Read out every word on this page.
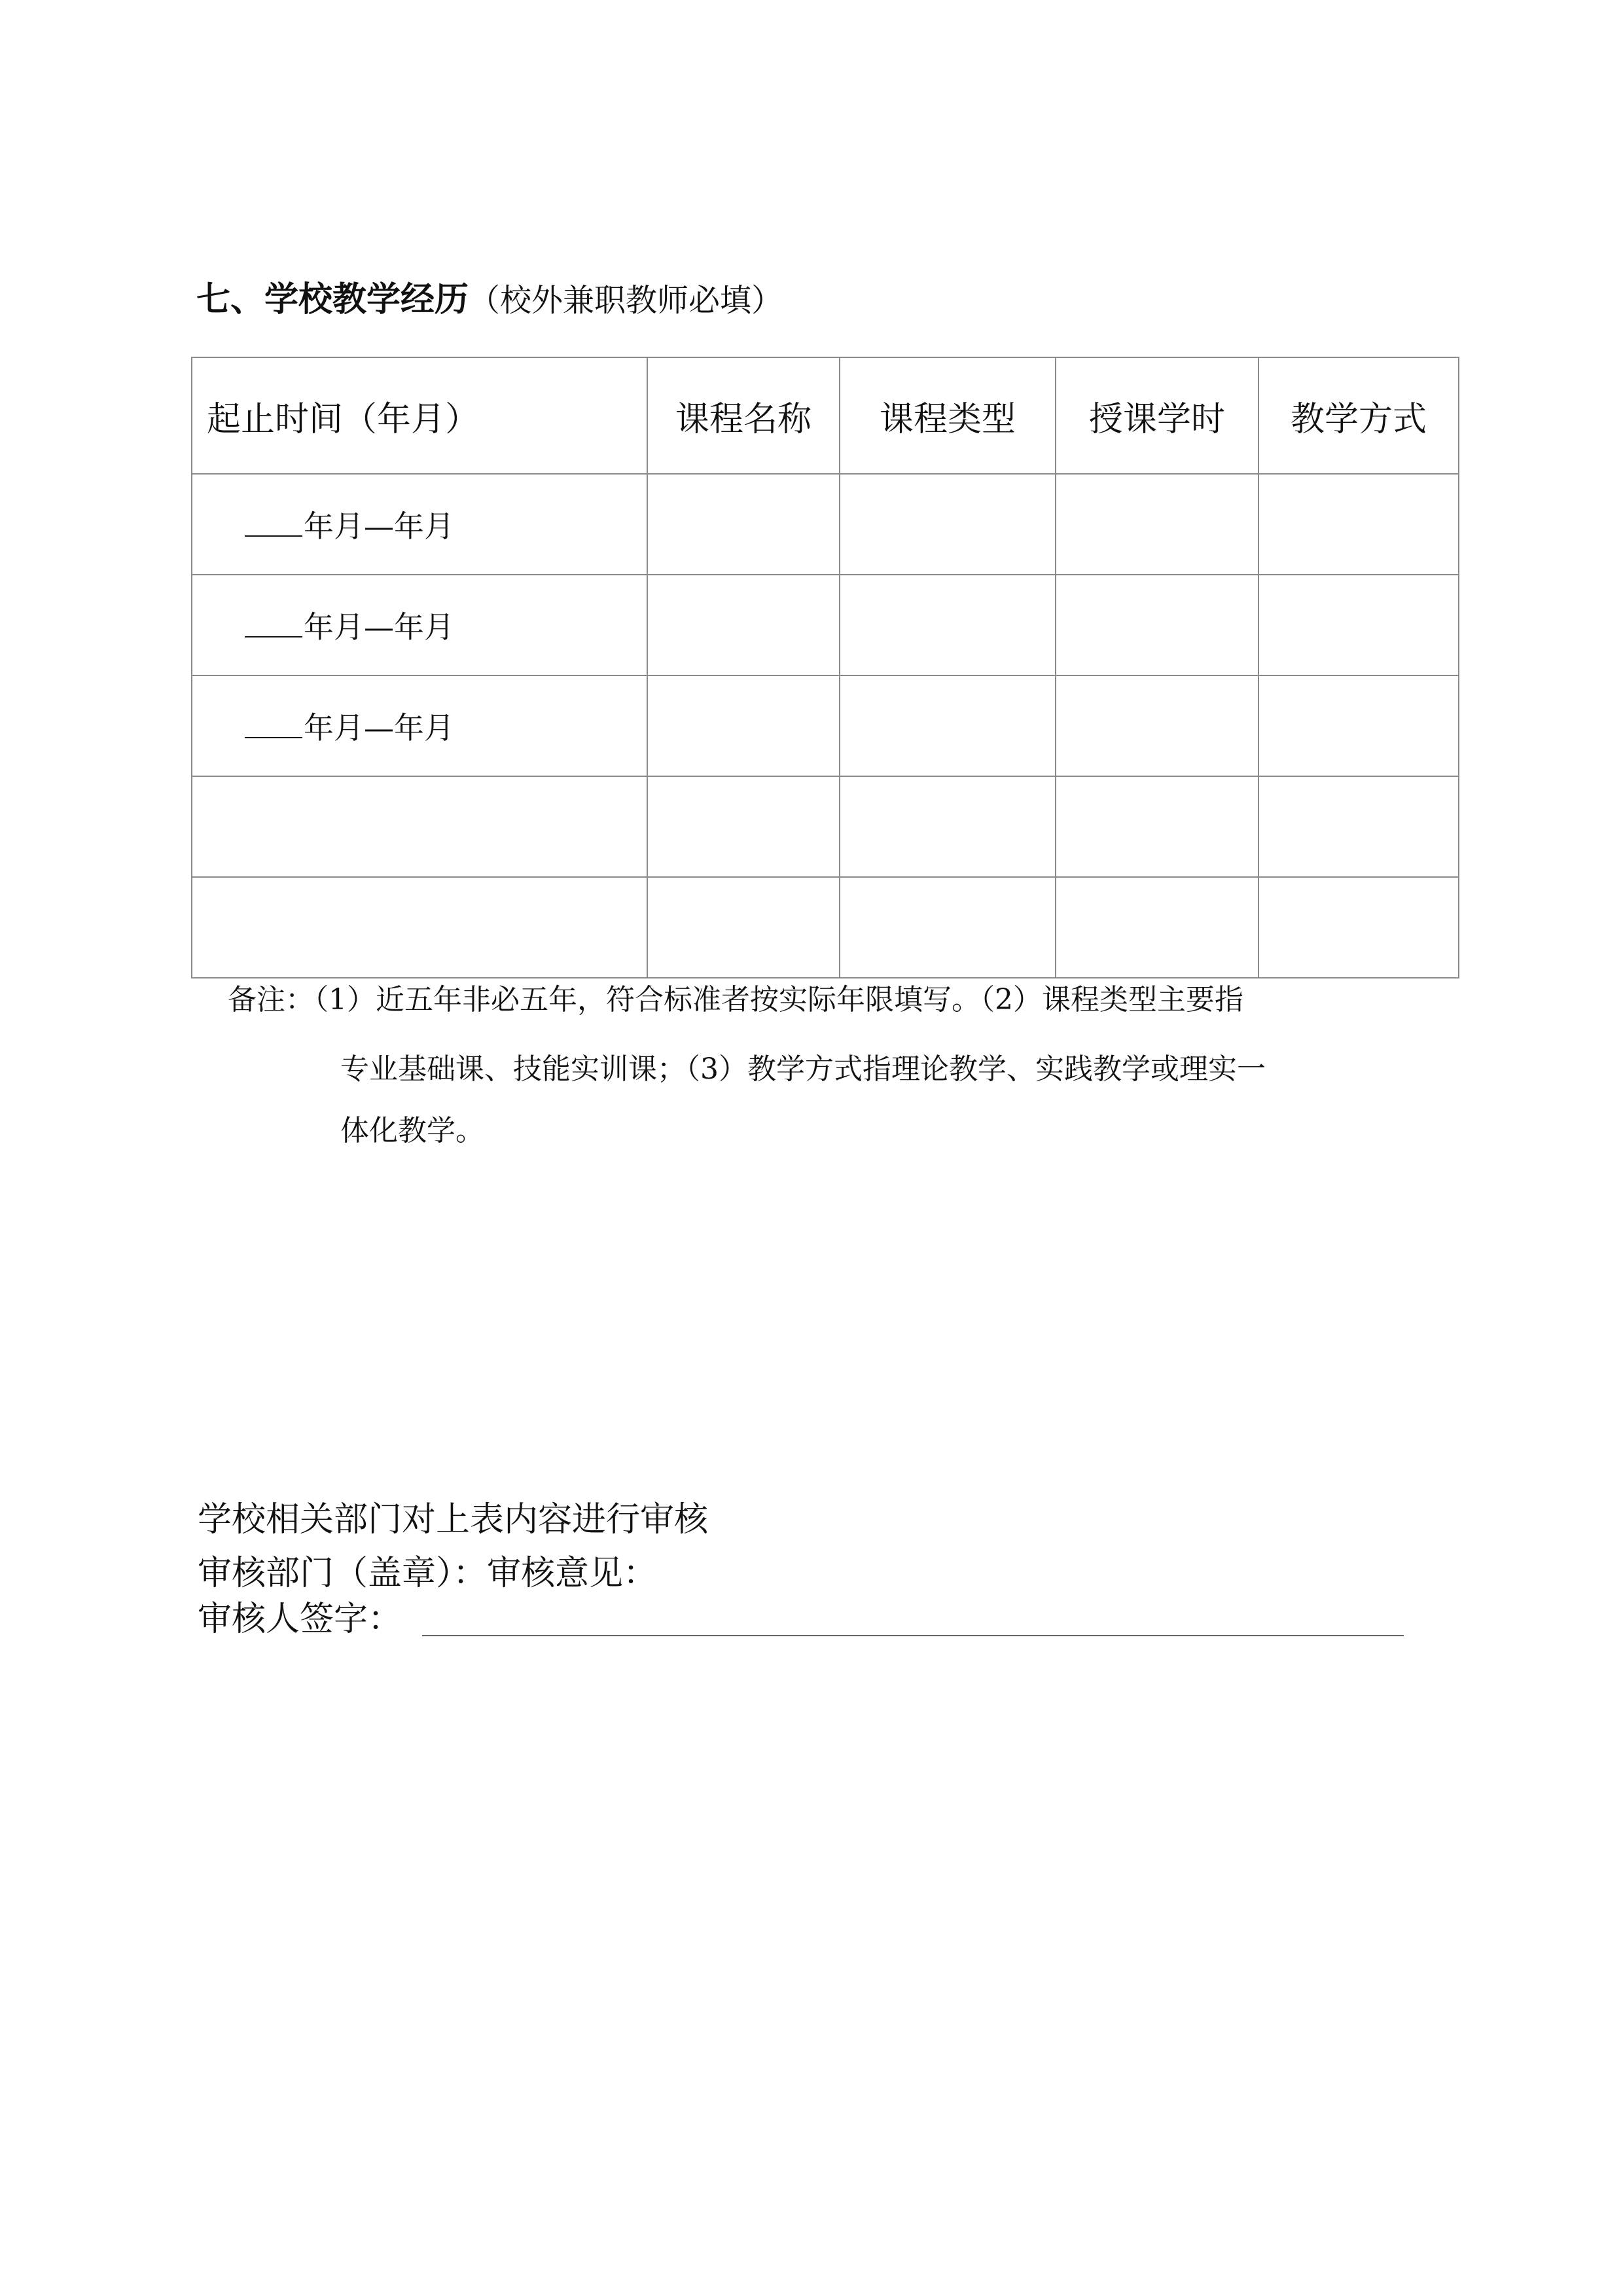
七、学校教学经历（校外兼职教师必填）
起止时间（年月）	课程名称	课程类型	授课学时	教学方式
年月—年月				
年月—年月				
年月—年月				

备注：（1）近五年非必五年，符合标准者按实际年限填写。（2）课程类型主要指
专业基础课、技能实训课；（3）教学方式指理论教学、实践教学或理实一
体化教学。
学校相关部门对上表内容进行审核
审核部门（盖章）：审核意见：
审核人签字：
